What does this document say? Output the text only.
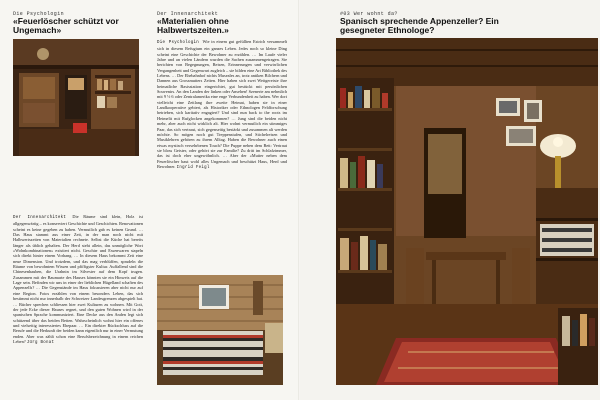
Die Psychologin
«Feuerlöscher schützt vor Ungemach»
Der Innenarchitekt
«Materialien ohne Halbwertszeiten.»
Die Psychologin Wie in einem gut gefüllten Estrich versammelt sich in diesem Refugium ein ganzes Leben. Jedes noch so kleine Ding scheint eine Geschichte der Bewohner zu erzählen. … Im Laufe vieler Jahre und an vielen Ländern wurden die Sachen zusammengetragen. Sie berichten von Begegnungen, Reisen, Erinnerungen und verwirrlichen Vergangenheit und Gegenwart zugleich – sie bilden eine Art Bibliothek des Lebens. … Der Ehebahnhof nichts Museales an, trotz antiken Bilchern und Dannen aus Grossmutters Zeiten. Hier haben sich zwei Weitgereiste ihre heimatliche Basisstation eingerichtet, gut bestückt mit persönlichen Souvenirs. An den Landen der linken oder Ansehen! Szenerie am nehmlich mit 9 ½ 6 oder Zentralamerika eine enge Verbundenheit zu haben. Wer dort vielleicht eine Zeitlang ihre zweite Heimat, haben sie in einer Landkooperative gebiert, als Historiker oder Ethnologen Feldforschung betrieben, sich karitativ engagiert? Und sind nun back to the roots im Heimelit mit Rufglocken angekommen? … Jung sind die beiden nicht mehr, aber auch nicht wirklich alt. Hier wohnt vermutlich ein stimmiges Paar, das sich vertraut, sich gegenseitig bestärkt und zusammen alt werden möchte. So mögen noch gut Treppenstufen, und Stichelreisen und Musiklehren gehören zu ihrem Alltag. Haben die Bewohner auch einen etwas mystisch versehrbenen Touch? Die Puppe neben dem Bett: Vertraut sie bloss Geister, oder gehört sie zur Familie? Zu dritt im Schlafzimmer, das ist doch eher ungewöhnlich. … Aber der «Mutter neben dem Feuerlöscher baut wohl alles Ungemach und beschützt Haus, Herd und Bewohner. Ingrid Feigl
Der Innenarchitekt Die Räume sind klein, Holz ist allgegenwärtig – es konserviert Geschichte und Geschichten. Renovationen scheint es keine gegeben zu haben. Vermutlich gab es keinen Grund. … Das Haus stammt aus einer Zeit, in der man noch nicht mit Halbwertszeiten von Materialien rechnete. Selbst die Küche hat bereits länger als üblich gehalten. Der Herd steht allein, das unmögliche Wort «Wohnkombinationen» existiert nicht. Geschirr und Essenwaren stapeln sich direkt hinter einem Vorhang. … In diesem Haus bekommt Zeit eine neue Dimension. Und trotzdem, und das mag verblüffen, sprudeln die Räume von bewohntem Wissen und pfiffigster Kultur. Auffallend sind die Chinesenhauben, die Urahnin im Silvester auf dem Kopf trugen. Zusammen mit der Baumarte des Hauses könnten sie ein Hinweis auf die Lage sein. Befinden wir uns in einer der lieblichen Hügelland schaften des Appenzells? … Die Gegenstände im Haus fokussieren aber nicht nur auf eine Region. Fotos erzählen von einem besonders Leben, das sich bestimmt nicht nur innerhalb der Schweizer Landesgrenzen abgespielt hat. … Bücher sprechen schliessen hier zwei Kulturen zu wohnen. Mit Gott, der jede Ecke dieser Hauses regnet, und den guten Wohnen wird in der spanischen Sprache kommuniziert. Eine Decke aus den Anden legt sich schützend über das beiden Betten. Wahrscheinlich wohnt hier ein offenes und vielseitig interessiertes Ehepaar. … Ein direkter Rückschluss auf die Berufe und die Herkunft der beiden kann eigentlich nur in einer Vermutung enden. Aber was zählt schon eine Berufsbezeichnung in einem reichen Leben? Jürg Bonat
#03 Wer wohnt da?
Spanisch sprechende Appenzeller? Ein gesegneter Ethnologe?
